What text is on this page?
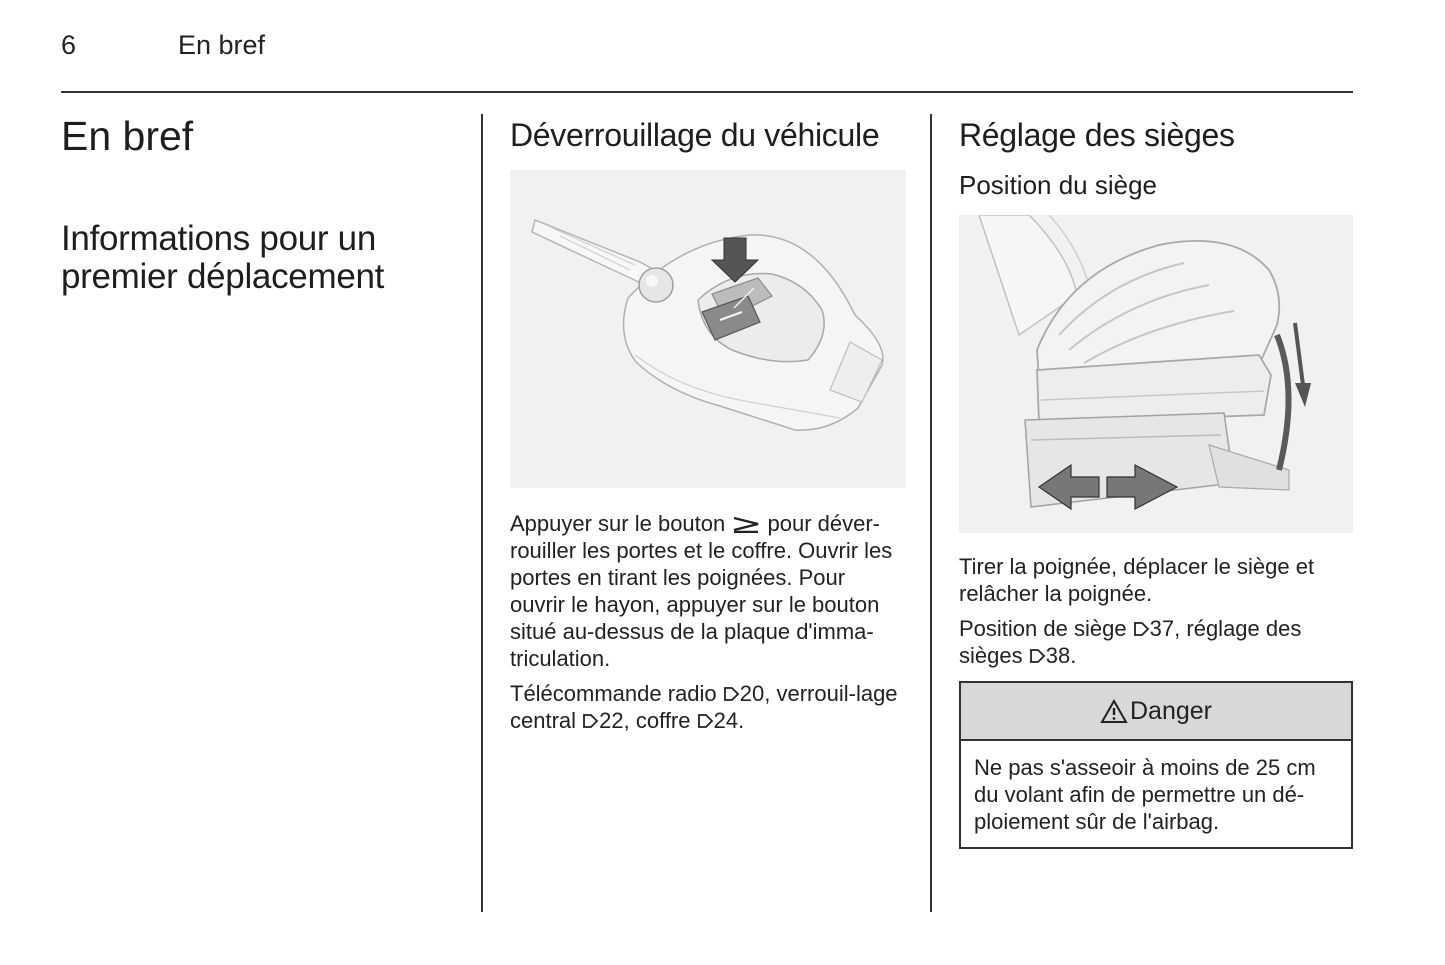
6	En bref
En bref
Informations pour un premier déplacement
Déverrouillage du véhicule

Appuyer sur le bouton  pour déver-rouiller les portes et le coffre. Ouvrir les portes en tirant les poignées. Pour ouvrir le hayon, appuyer sur le bouton situé au-dessus de la plaque d'imma-triculation.

Télécommande radio 20, verrouil-lage central 22, coffre 24.

Réglage des sièges
Position du siège

Tirer la poignée, déplacer le siège et relâcher la poignée.

Position de siège 37, réglage des sièges 38.

Danger
Ne pas s'asseoir à moins de 25 cm du volant afin de permettre un dé-ploiement sûr de l'airbag.
